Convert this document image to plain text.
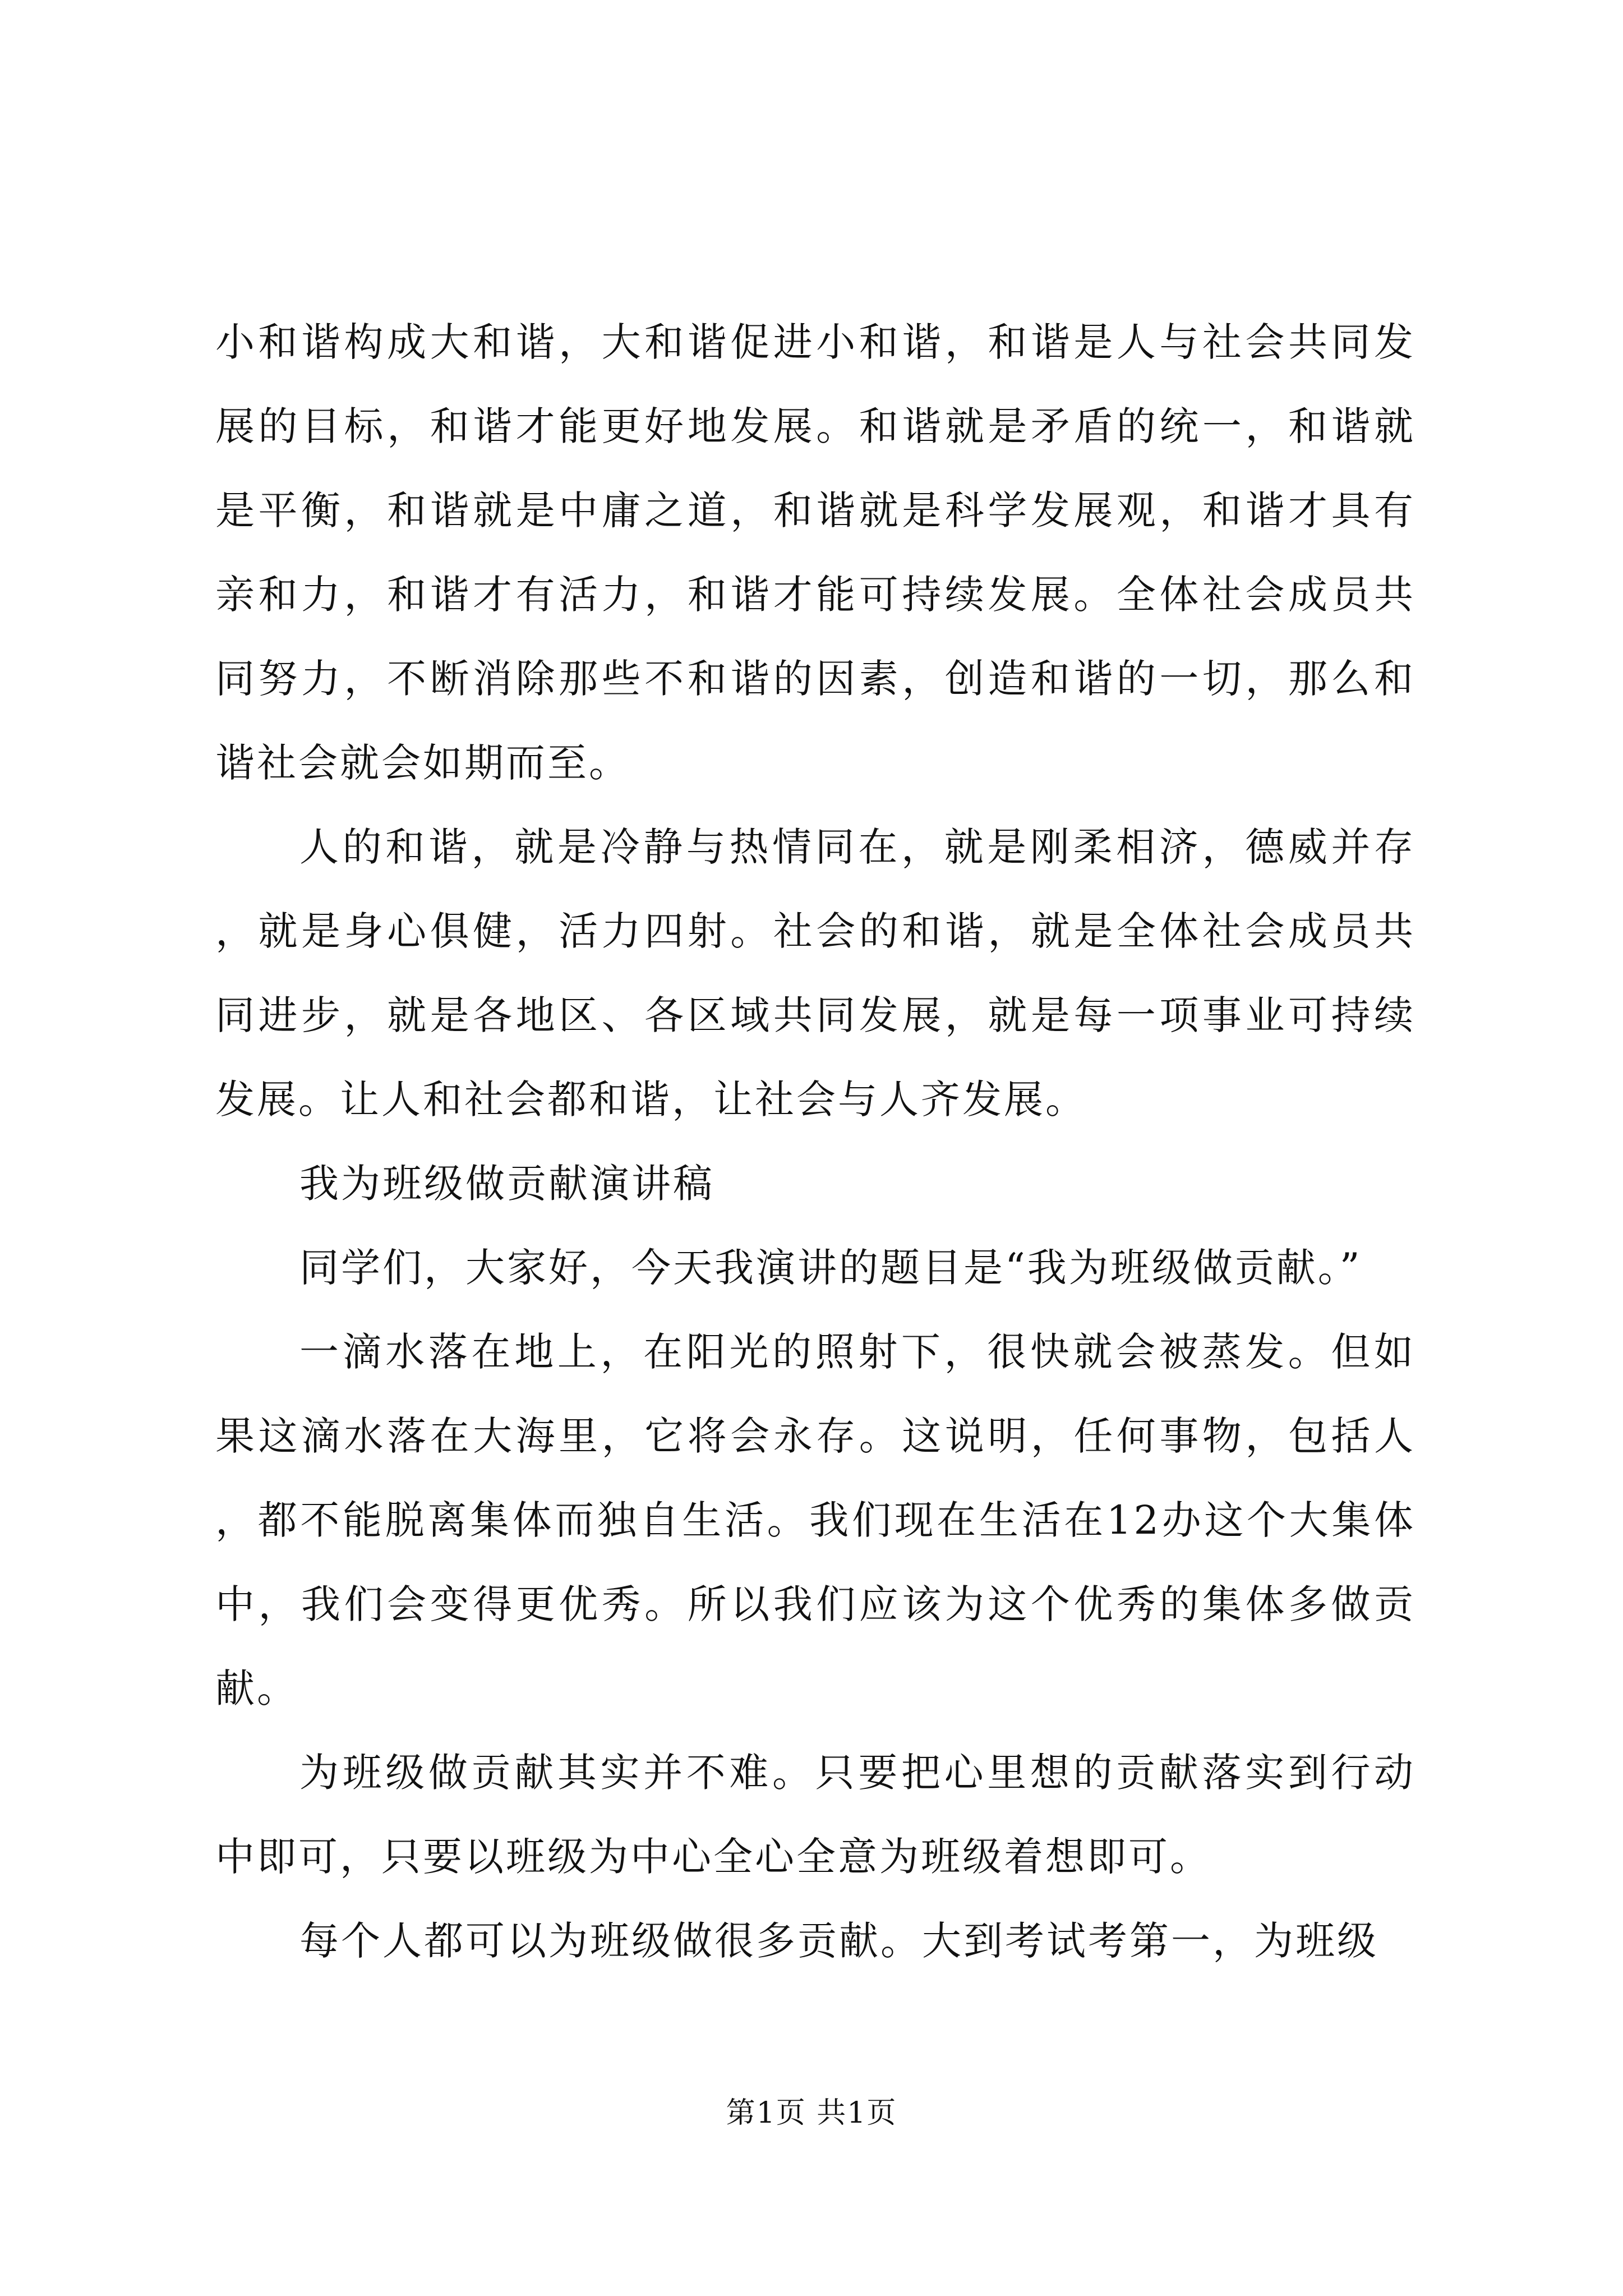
小和谐构成大和谐，大和谐促进小和谐，和谐是人与社会共同发展的目标，和谐才能更好地发展。和谐就是矛盾的统一，和谐就是平衡，和谐就是中庸之道，和谐就是科学发展观，和谐才具有亲和力，和谐才有活力，和谐才能可持续发展。全体社会成员共同努力，不断消除那些不和谐的因素，创造和谐的一切，那么和谐社会就会如期而至。

人的和谐，就是冷静与热情同在，就是刚柔相济，德威并存，就是身心俱健，活力四射。社会的和谐，就是全体社会成员共同进步，就是各地区、各区域共同发展，就是每一项事业可持续发展。让人和社会都和谐，让社会与人齐发展。

我为班级做贡献演讲稿

同学们，大家好，今天我演讲的题目是“我为班级做贡献。”

一滴水落在地上，在阳光的照射下，很快就会被蒸发。但如果这滴水落在大海里，它将会永存。这说明，任何事物，包括人，都不能脱离集体而独自生活。我们现在生活在12办这个大集体中，我们会变得更优秀。所以我们应该为这个优秀的集体多做贡献。

为班级做贡献其实并不难。只要把心里想的贡献落实到行动中即可，只要以班级为中心全心全意为班级着想即可。

每个人都可以为班级做很多贡献。大到考试考第一，为班级

第1页 共1页
